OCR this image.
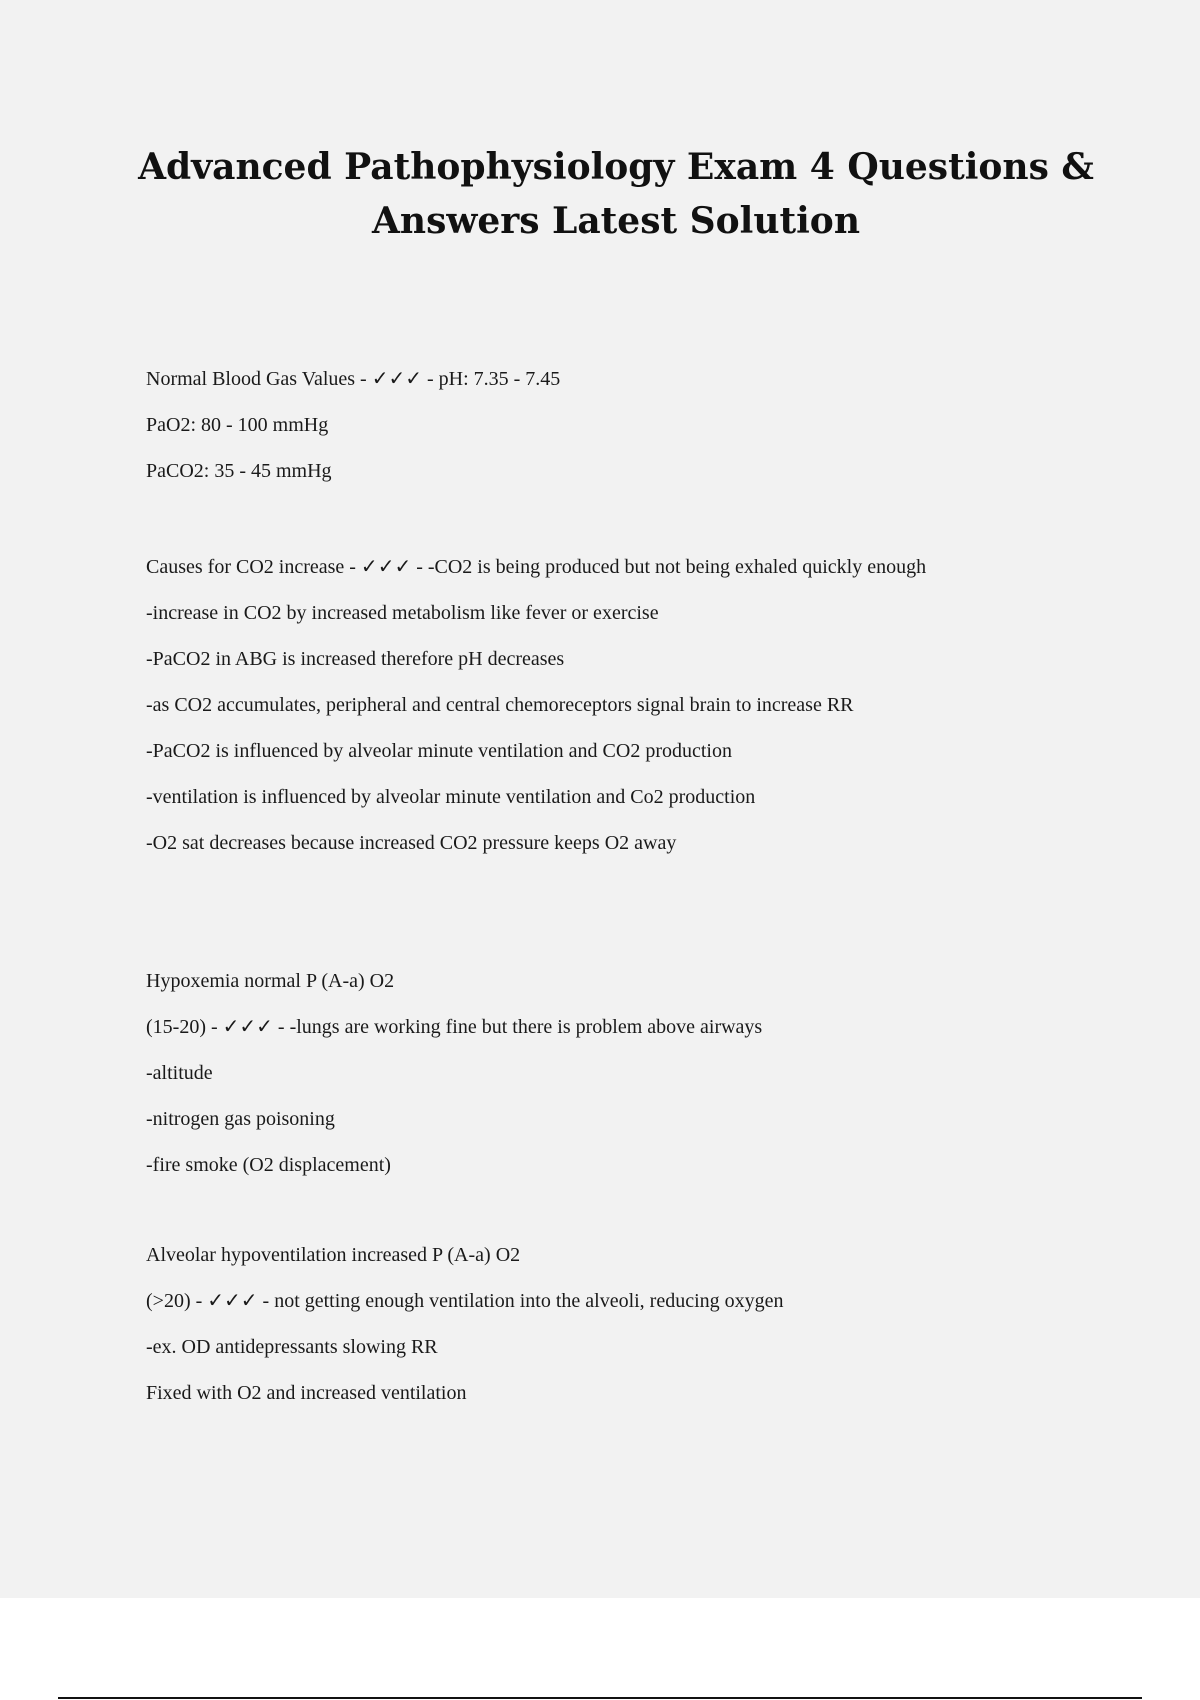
Advanced Pathophysiology Exam 4 Questions & Answers Latest Solution
Normal Blood Gas Values - ✓✓✓ - pH: 7.35 - 7.45
PaO2: 80 - 100 mmHg
PaCO2: 35 - 45 mmHg
Causes for CO2 increase - ✓✓✓ - -CO2 is being produced but not being exhaled quickly enough
-increase in CO2 by increased metabolism like fever or exercise
-PaCO2 in ABG is increased therefore pH decreases
-as CO2 accumulates, peripheral and central chemoreceptors signal brain to increase RR
-PaCO2 is influenced by alveolar minute ventilation and CO2 production
-ventilation is influenced by alveolar minute ventilation and Co2 production
-O2 sat decreases because increased CO2 pressure keeps O2 away
Hypoxemia normal P (A-a) O2
(15-20) - ✓✓✓ - -lungs are working fine but there is problem above airways
-altitude
-nitrogen gas poisoning
-fire smoke (O2 displacement)
Alveolar hypoventilation increased P (A-a) O2
(>20) - ✓✓✓ - not getting enough ventilation into the alveoli, reducing oxygen
-ex. OD antidepressants slowing RR
Fixed with O2 and increased ventilation
